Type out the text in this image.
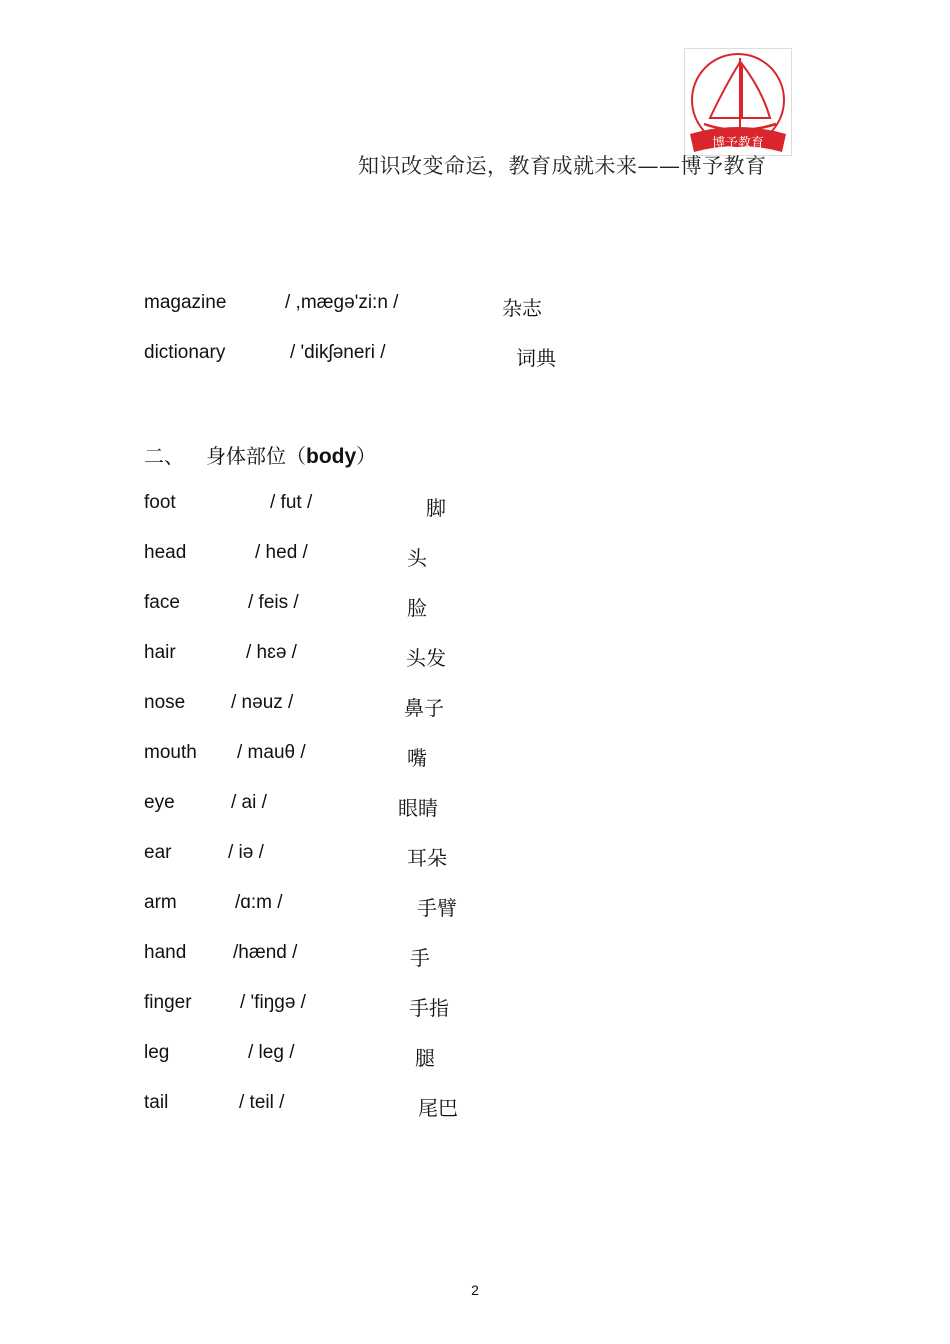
博予教育
知识改变命运，教育成就未来——博予教育
magazine	/ ,mægə'zi:n /	杂志
dictionary	/ 'dikʃəneri /	词典
二、 身体部位（body）
foot	/ fut /	脚
head	/ hed /	头
face	/ feis /	脸
hair	/ hɛə /	头发
nose / nəuz /	鼻子
mouth / mauθ /	嘴
eye	/ ai /	眼睛
ear	/ iə /	耳朵
arm	/ɑ:m /	手臂
hand /hænd /	手
finger	/ 'fiŋgə /	手指
leg	/ leg /	腿
tail	/ teil /	尾巴
2
